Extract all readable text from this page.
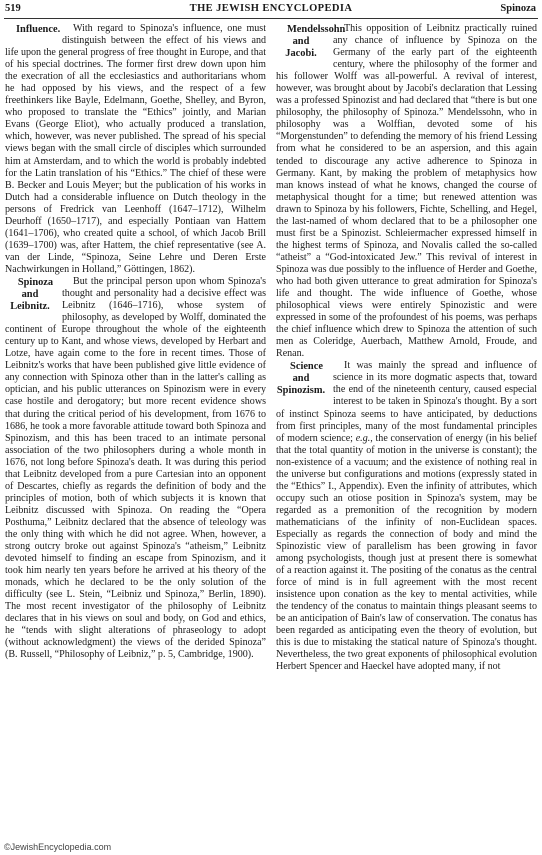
519	THE JEWISH ENCYCLOPEDIA	Spinoza

Influence. With regard to Spinoza's influence, one must distinguish between the effect of his views and life upon the general progress of free thought in Europe, and that of his special doctrines. The former first drew down upon him the execration of all the ecclesiastics and authoritarians whom he had opposed by his views, and the respect of a few freethinkers like Bayle, Edelmann, Goethe, Shelley, and Byron, who proposed to translate the “Ethics” jointly, and Marian Evans (George Eliot), who actually produced a translation, which, however, was never published. The spread of his special views began with the small circle of disciples which surrounded him at Amsterdam, and to which the world is probably indebted for the Latin translation of his “Ethics.” The chief of these were B. Becker and Louis Meyer; but the publication of his works in Dutch had a considerable influence on Dutch theology in the persons of Fredrick van Leenhoff (1647–1712), Wilhelm Deurhoff (1650–1717), and especially Pontiaan van Hattem (1641–1706), who created quite a school, of which Jacob Brill (1639–1700) was, after Hattem, the chief representative (see A. van der Linde, “Spinoza, Seine Lehre und Deren Erste Nachwirkungen in Holland,” Göttingen, 1862).

Spinoza and Leibnitz.
But the principal person upon whom Spinoza's thought and personality had a decisive effect was Leibnitz (1646–1716), whose system of philosophy, as developed by Wolff, dominated the continent of Europe throughout the whole of the eighteenth century up to Kant, and whose views, developed by Herbart and Lotze, have again come to the fore in recent times. Those of Leibnitz's works that have been published give little evidence of any connection with Spinoza other than in the latter's calling as optician, and his public utterances on Spinozism were in every case hostile and derogatory; but more recent evidence shows that during the critical period of his development, from 1676 to 1686, he took a more favorable attitude toward both Spinoza and Spinozism, and this has been traced to an intimate personal association of the two philosophers during a whole month in 1676, not long before Spinoza's death. It was during this period that Leibnitz developed from a pure Cartesian into an opponent of Descartes, chiefly as regards the definition of body and the principles of motion, both of which subjects it is known that Leibnitz discussed with Spinoza. On reading the “Opera Posthuma,” Leibnitz declared that the absence of teleology was the only thing with which he did not agree. When, however, a strong outcry broke out against Spinoza's “atheism,” Leibnitz devoted himself to finding an escape from Spinozism, and it took him nearly ten years before he arrived at his theory of the monads, which he declared to be the only solution of the difficulty (see L. Stein, “Leibniz und Spinoza,” Berlin, 1890). The most recent investigator of the philosophy of Leibnitz declares that in his views on soul and body, on God and ethics, he “tends with slight alterations of phraseology to adopt (without acknowledgment) the views of the derided Spinoza” (B. Russell, “Philosophy of Leibniz,” p. 5, Cambridge, 1900).

Mendelssohn and Jacobi.
This opposition of Leibnitz practically ruined any chance of influence by Spinoza on the Germany of the early part of the eighteenth century, where the philosophy of the former and his follower Wolff was all-powerful. A revival of interest, however, was brought about by Jacobi's declaration that Lessing was a professed Spinozist and had declared that “there is but one philosophy, the philosophy of Spinoza.” Mendelssohn, who in philosophy was a Wolffian, devoted some of his “Morgenstunden” to defending the memory of his friend Lessing from what he considered to be an aspersion, and this again tended to discourage any active adherence to Spinoza in Germany. Kant, by making the problem of metaphysics how man knows instead of what he knows, changed the course of metaphysical thought for a time; but renewed attention was drawn to Spinoza by his followers, Fichte, Schelling, and Hegel, the last-named of whom declared that to be a philosopher one must first be a Spinozist. Schleiermacher expressed himself in the highest terms of Spinoza, and Novalis called the so-called “atheist” a “God-intoxicated Jew.” This revival of interest in Spinoza was due possibly to the influence of Herder and Goethe, who had both given utterance to great admiration for Spinoza's life and thought. The wide influence of Goethe, whose philosophical views were entirely Spinozistic and were expressed in some of the profoundest of his poems, was perhaps the chief influence which drew to Spinoza the attention of such men as Coleridge, Auerbach, Matthew Arnold, Froude, and Renan.

Science and Spinozism.
It was mainly the spread and influence of science in its more dogmatic aspects that, toward the end of the nineteenth century, caused especial interest to be taken in Spinoza's thought. By a sort of instinct Spinoza seems to have anticipated, by deductions from first principles, many of the most fundamental principles of modern science; e.g., the conservation of energy (in his belief that the total quantity of motion in the universe is constant); the non-existence of a vacuum; and the existence of nothing real in the universe but configurations and motions (expressly stated in the “Ethics” I., Appendix). Even the infinity of attributes, which occupy such an otiose position in Spinoza's system, may be regarded as a premonition of the recognition by modern mathematicians of the infinity of non-Euclidean spaces. Especially as regards the connection of body and mind the Spinozistic view of parallelism has been growing in favor among psychologists, though just at present there is somewhat of a reaction against it. The positing of the conatus as the central force of mind is in full agreement with the most recent insistence upon conation as the key to mental activities, while the tendency of the conatus to maintain things pleasant seems to be an anticipation of Bain's law of conservation. The conatus has been regarded as anticipating even the theory of evolution, but this is due to mistaking the statical nature of Spinoza's thought. Nevertheless, the two great exponents of philosophical evolution Herbert Spencer and Haeckel have adopted many, if not

©JewishEncyclopedia.com
